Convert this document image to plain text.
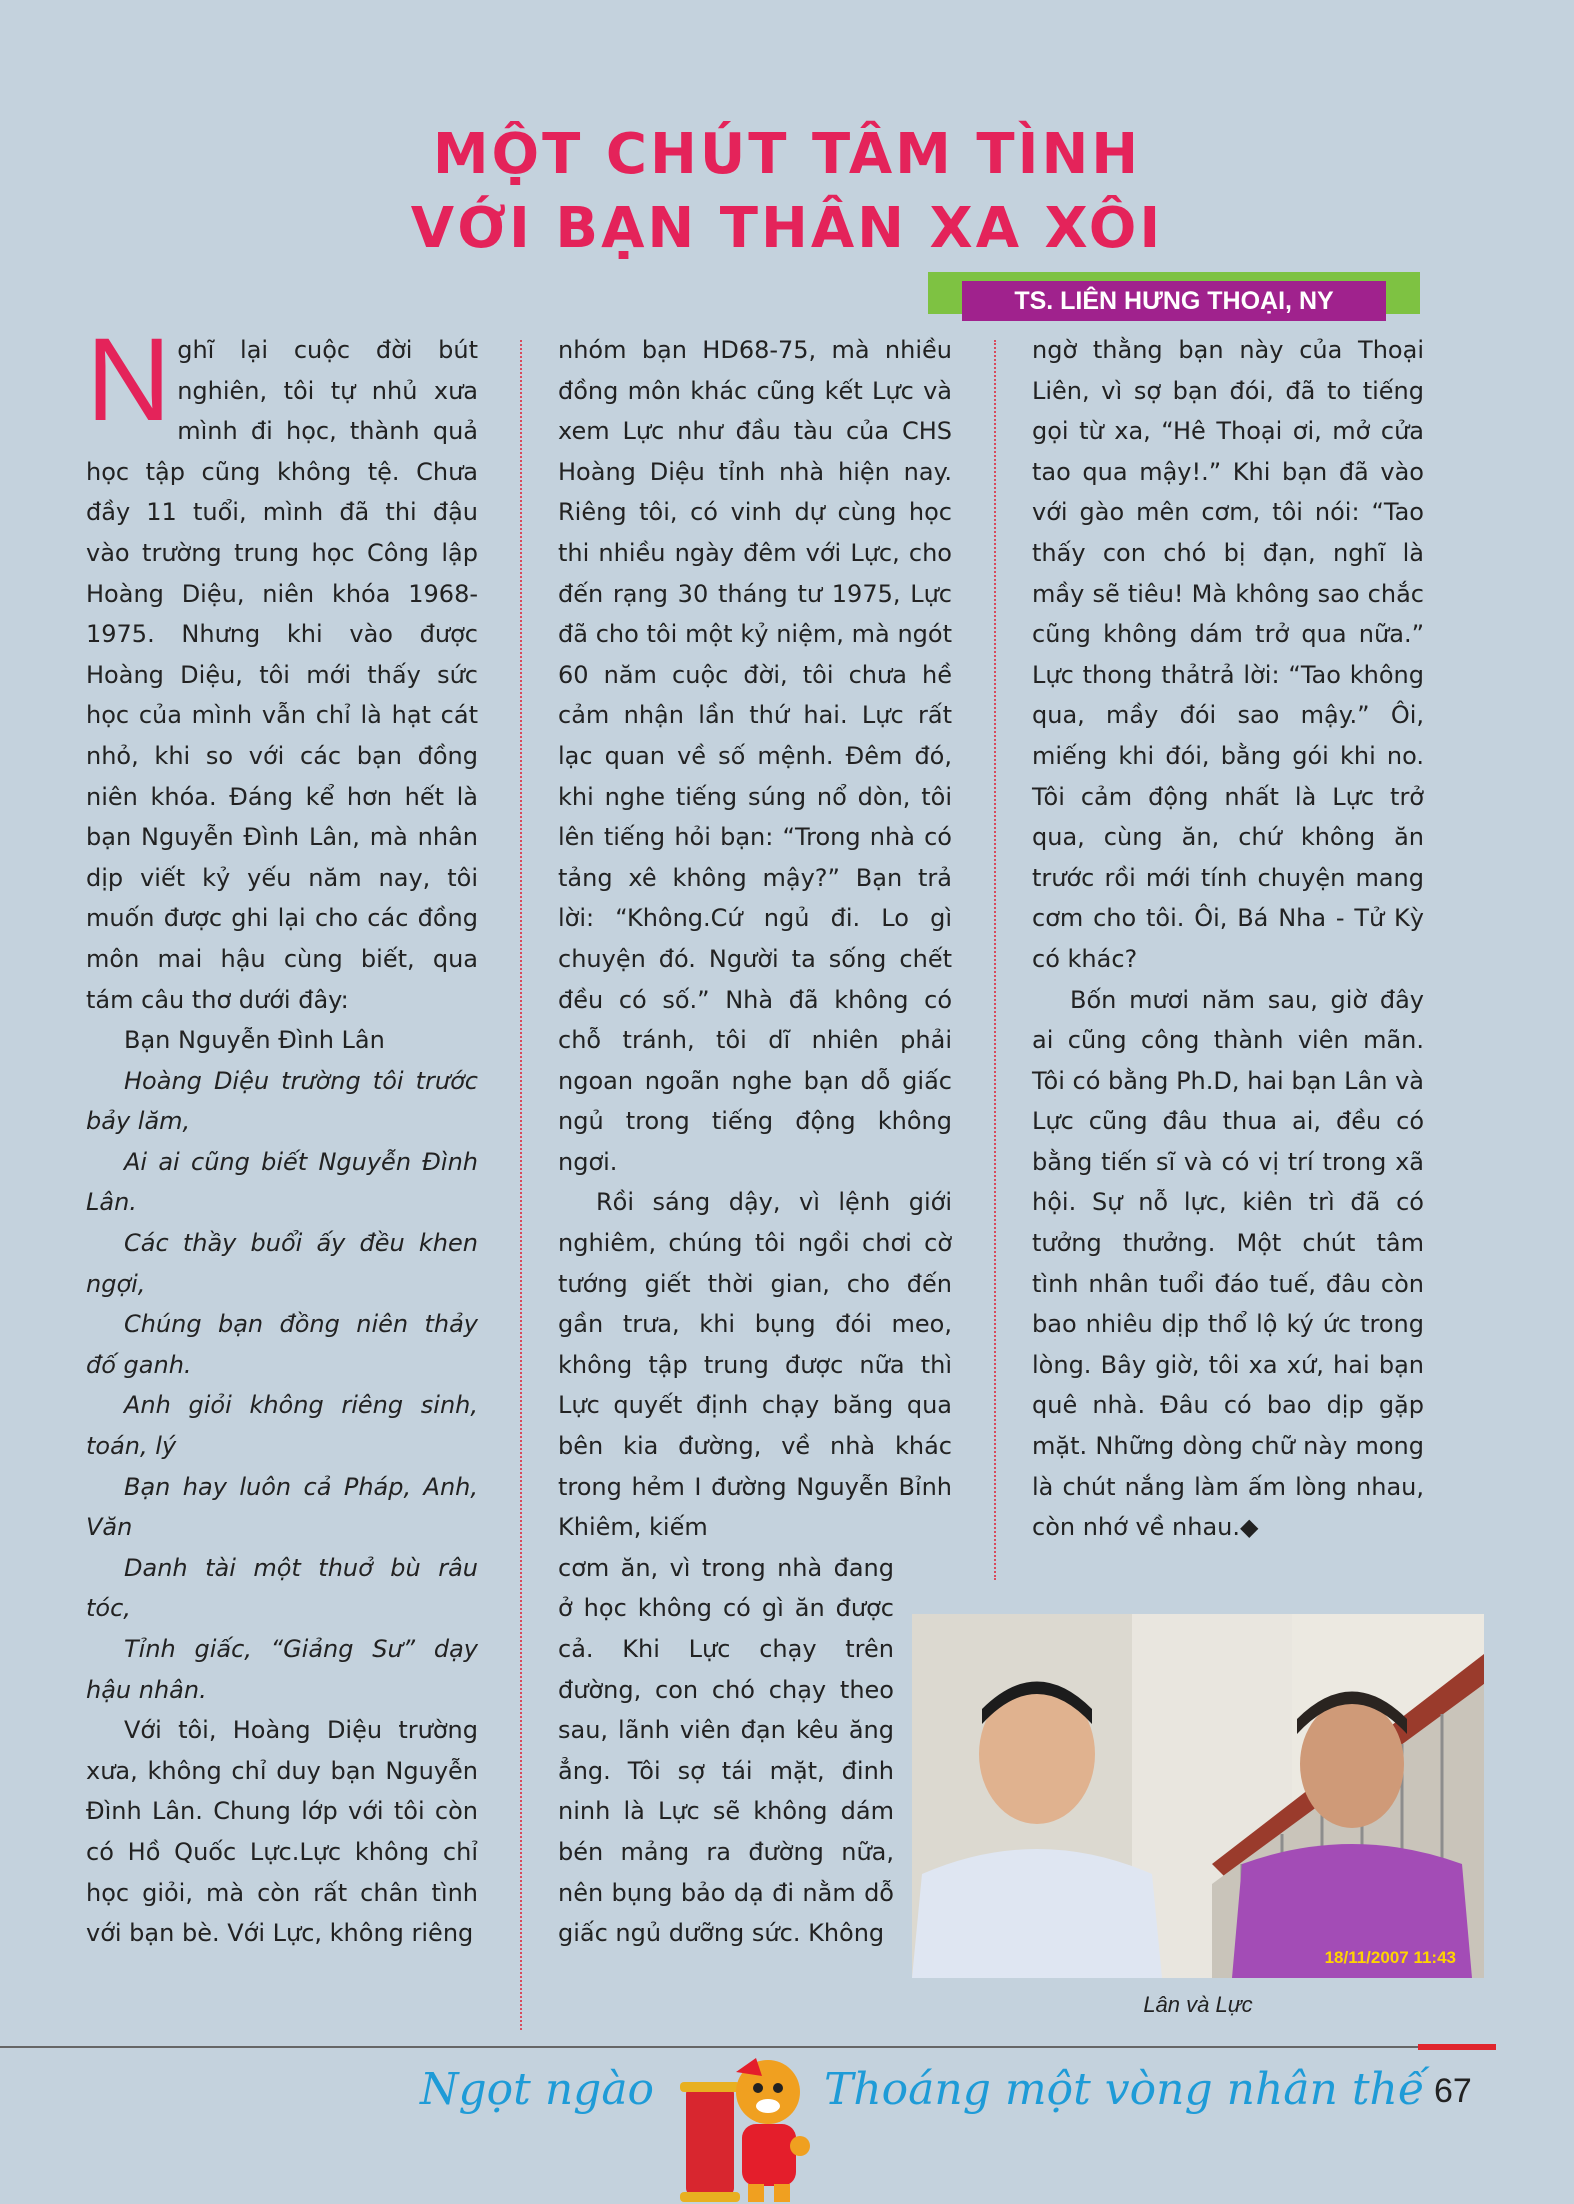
MỘT CHÚT TÂM TÌNH
VỚI BẠN THÂN XA XÔI
TS. LIÊN HƯNG THOẠI, NY

N ghĩ lại cuộc đời bút nghiên, tôi tự nhủ xưa mình đi học, thành quả học tập cũng không tệ. Chưa đầy 11 tuổi, mình đã thi đậu vào trường trung học Công lập Hoàng Diệu, niên khóa 1968-1975. Nhưng khi vào được Hoàng Diệu, tôi mới thấy sức học của mình vẫn chỉ là hạt cát nhỏ, khi so với các bạn đồng niên khóa. Đáng kể hơn hết là bạn Nguyễn Đình Lân, mà nhân dịp viết kỷ yếu năm nay, tôi muốn được ghi lại cho các đồng môn mai hậu cùng biết, qua tám câu thơ dưới đây:

Bạn Nguyễn Đình Lân

Hoàng Diệu trường tôi trước bảy lăm,

Ai ai cũng biết Nguyễn Đình Lân.

Các thầy buổi ấy đều khen ngợi,

Chúng bạn đồng niên thảy đố ganh.

Anh giỏi không riêng sinh, toán, lý

Bạn hay luôn cả Pháp, Anh, Văn

Danh tài một thuở bù râu tóc,

Tỉnh giấc, “Giảng Sư” dạy hậu nhân.

Với tôi, Hoàng Diệu trường xưa, không chỉ duy bạn Nguyễn Đình Lân. Chung lớp với tôi còn có Hồ Quốc Lực.Lực không chỉ học giỏi, mà còn rất chân tình với bạn bè. Với Lực, không riêng

nhóm bạn HD68-75, mà nhiều đồng môn khác cũng kết Lực và xem Lực như đầu tàu của CHS Hoàng Diệu tỉnh nhà hiện nay. Riêng tôi, có vinh dự cùng học thi nhiều ngày đêm với Lực, cho đến rạng 30 tháng tư 1975, Lực đã cho tôi một kỷ niệm, mà ngót 60 năm cuộc đời, tôi chưa hề cảm nhận lần thứ hai. Lực rất lạc quan về số mệnh. Đêm đó, khi nghe tiếng súng nổ dòn, tôi lên tiếng hỏi bạn: “Trong nhà có tảng xê không mậy?” Bạn trả lời: “Không.Cứ ngủ đi. Lo gì chuyện đó. Người ta sống chết đều có số.” Nhà đã không có chỗ tránh, tôi dĩ nhiên phải ngoan ngoãn nghe bạn dỗ giấc ngủ trong tiếng động không ngơi.

Rồi sáng dậy, vì lệnh giới nghiêm, chúng tôi ngồi chơi cờ tướng giết thời gian, cho đến gần trưa, khi bụng đói meo, không tập trung được nữa thì Lực quyết định chạy băng qua bên kia đường, về nhà khác trong hẻm I đường Nguyễn Bỉnh Khiêm, kiếm

cơm ăn, vì trong nhà đang ở học không có gì ăn được cả. Khi Lực chạy trên đường, con chó chạy theo sau, lãnh viên đạn kêu ăng ẳng. Tôi sợ tái mặt, đinh ninh là Lực sẽ không dám bén mảng ra đường nữa, nên bụng bảo dạ đi nằm dỗ giấc ngủ dưỡng sức. Không

ngờ thằng bạn này của Thoại Liên, vì sợ bạn đói, đã to tiếng gọi từ xa, “Hê Thoại ơi, mở cửa tao qua mậy!.” Khi bạn đã vào với gào mên cơm, tôi nói: “Tao thấy con chó bị đạn, nghĩ là mầy sẽ tiêu! Mà không sao chắc cũng không dám trở qua nữa.” Lực thong thảtrả lời: “Tao không qua, mầy đói sao mậy.” Ôi, miếng khi đói, bằng gói khi no. Tôi cảm động nhất là Lực trở qua, cùng ăn, chứ không ăn trước rồi mới tính chuyện mang cơm cho tôi. Ôi, Bá Nha - Tử Kỳ có khác?

Bốn mươi năm sau, giờ đây ai cũng công thành viên mãn. Tôi có bằng Ph.D, hai bạn Lân và Lực cũng đâu thua ai, đều có bằng tiến sĩ và có vị trí trong xã hội. Sự nỗ lực, kiên trì đã có tưởng thưởng. Một chút tâm tình nhân tuổi đáo tuế, đâu còn bao nhiêu dịp thổ lộ ký ức trong lòng. Bây giờ, tôi xa xứ, hai bạn quê nhà. Đâu có bao dịp gặp mặt. Những dòng chữ này mong là chút nắng làm ấm lòng nhau, còn nhớ về nhau.◆

18/11/2007 11:43
Lân và Lực
Ngọt ngào	Thoáng một vòng nhân thế 67
